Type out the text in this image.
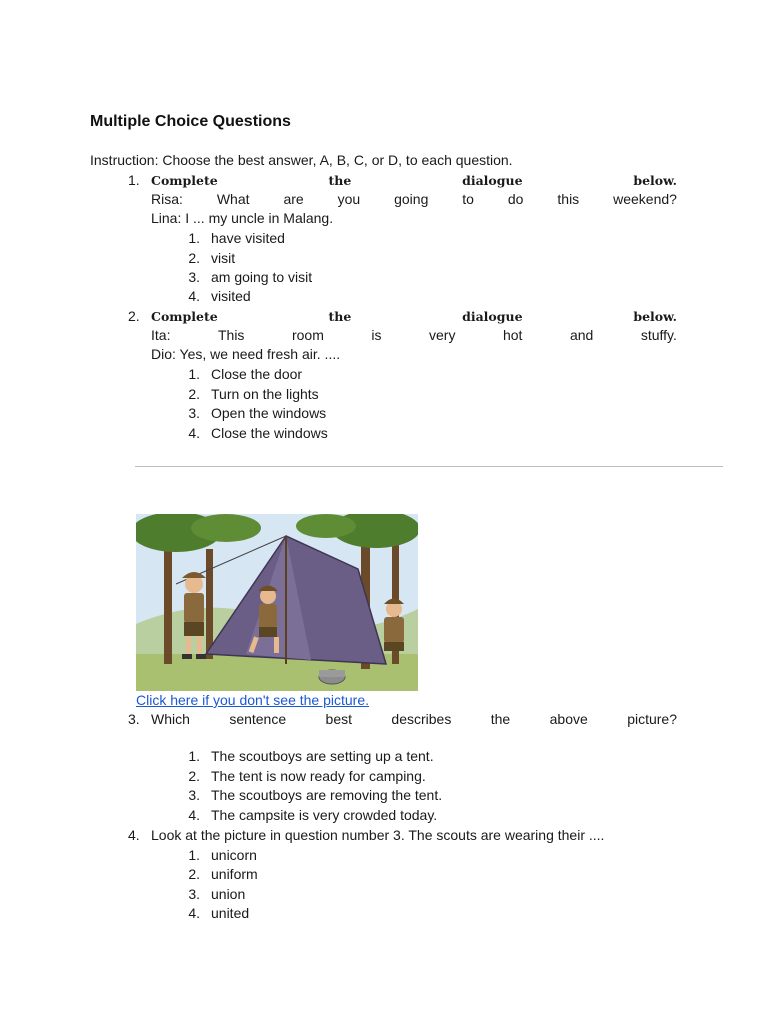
Multiple Choice Questions
Instruction: Choose the best answer, A, B, C, or D, to each question.
1. Complete	the	dialogue	below.
Risa: What are you going to do this weekend?
Lina: I ... my uncle in Malang.
1. have visited
2. visit
3. am going to visit
4. visited
2. Complete	the	dialogue	below.
Ita:	This	room	is	very	hot	and	stuffy.
Dio: Yes, we need fresh air. ....
1. Close the door
2. Turn on the lights
3. Open the windows
4. Close the windows
Click here if you don't see the picture.
3. Which	sentence	best	describes	the	above	picture?
1. The scoutboys are setting up a tent.
2. The tent is now ready for camping.
3. The scoutboys are removing the tent.
4. The campsite is very crowded today.
4. Look at the picture in question number 3. The scouts are wearing their ....
1. unicorn
2. uniform
3. union
4. united
